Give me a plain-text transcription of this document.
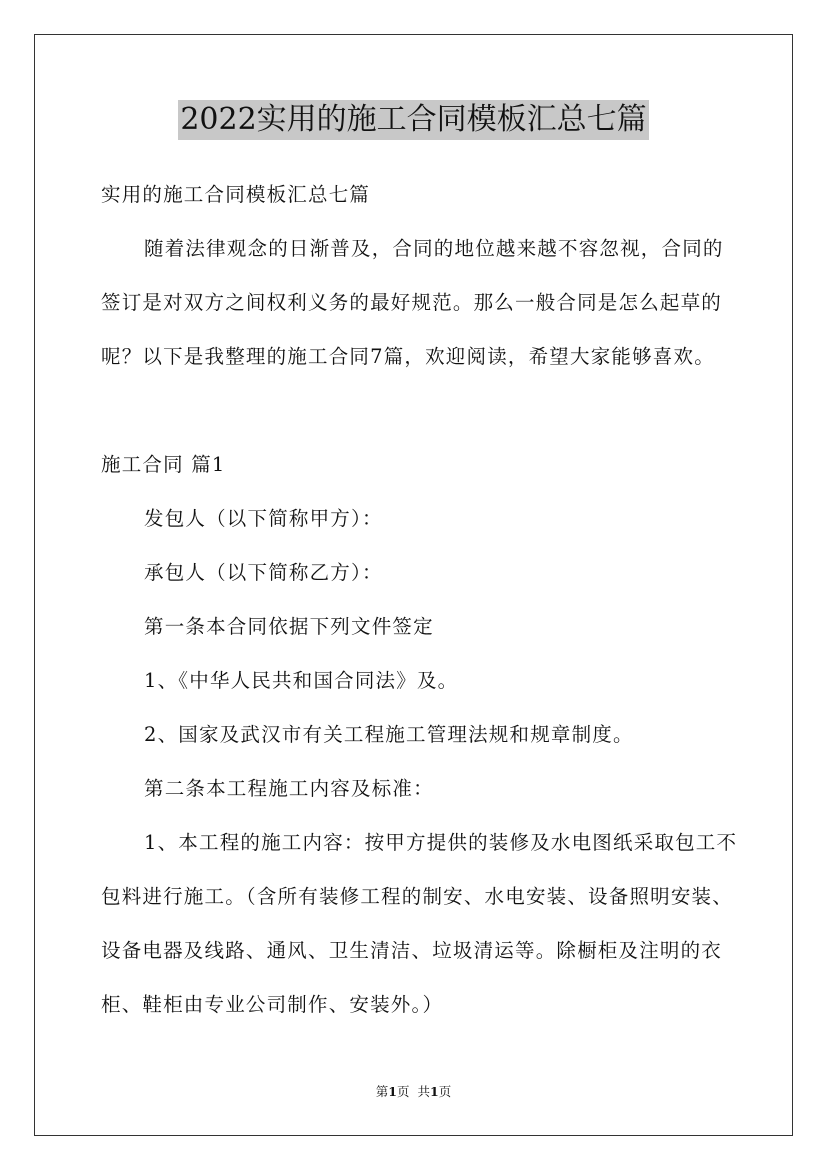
2022实用的施工合同模板汇总七篇
实用的施工合同模板汇总七篇
随着法律观念的日渐普及，合同的地位越来越不容忽视，合同的
签订是对双方之间权利义务的最好规范。那么一般合同是怎么起草的
呢？以下是我整理的施工合同7篇，欢迎阅读，希望大家能够喜欢。
施工合同 篇1
发包人（以下简称甲方）：
承包人（以下简称乙方）：
第一条本合同依据下列文件签定
1、《中华人民共和国合同法》及。
2、国家及武汉市有关工程施工管理法规和规章制度。
第二条本工程施工内容及标准：
1、本工程的施工内容：按甲方提供的装修及水电图纸采取包工不
包料进行施工。（含所有装修工程的制安、水电安装、设备照明安装、
设备电器及线路、通风、卫生清洁、垃圾清运等。除橱柜及注明的衣
柜、鞋柜由专业公司制作、安装外。）
第1页 共1页
